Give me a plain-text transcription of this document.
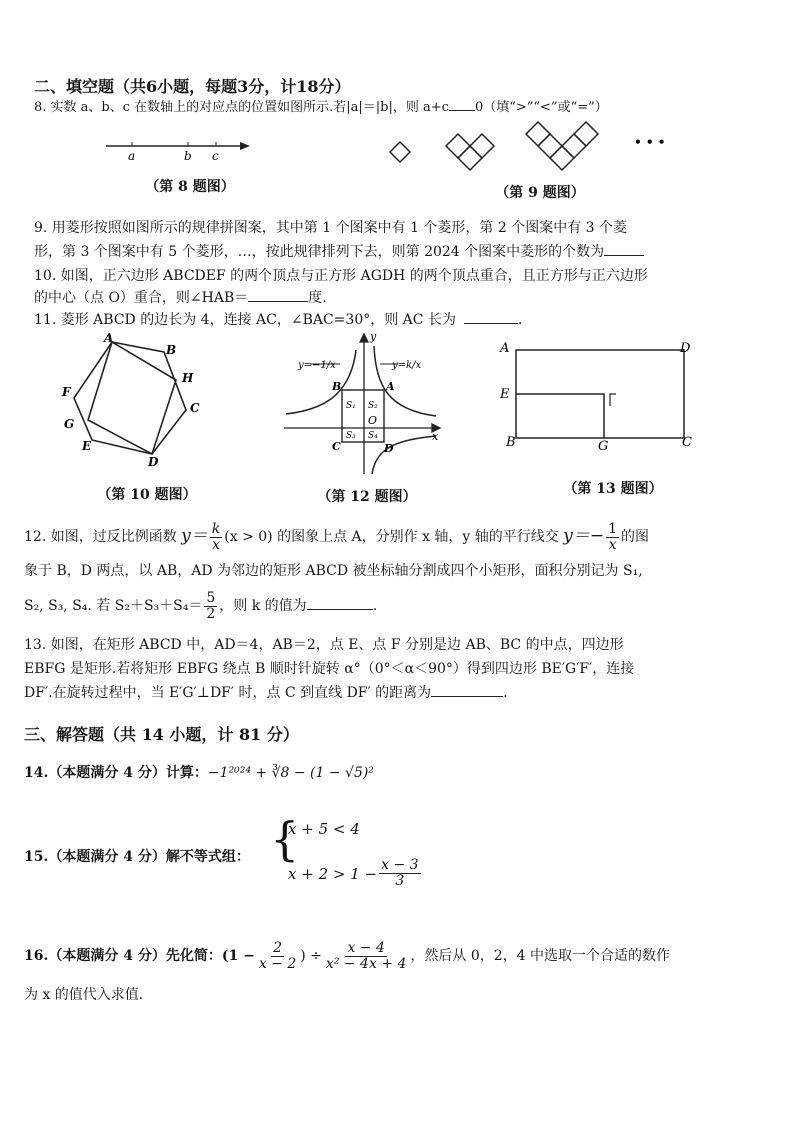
二、填空题（共6小题，每题3分，计18分）
8. 实数 a、b、c 在数轴上的对应点的位置如图所示.若|a|＝|b|，则 a+c 0（填“>”“<”或“=”）
a	b c
（第 8 题图）
• • •
（第 9 题图）
9. 用菱形按照如图所示的规律拼图案，其中第 1 个图案中有 1 个菱形，第 2 个图案中有 3 个菱
形，第 3 个图案中有 5 个菱形，…，按此规律排列下去，则第 2024 个图案中菱形的个数为
10. 如图，正六边形 ABCDEF 的两个顶点与正方形 AGDH 的两个顶点重合，且正方形与正六边形
的中心（点 O）重合，则∠HAB＝	度.
11. 菱形 ABCD 的边长为 4，连接 AC，∠BAC=30°，则 AC 长为	.
A
B
H
C
D
E
F
G
（第 10 题图）
y=−1/x	y=k/x
x
y
B	A
C	D
O
S₁ S₂
S₃ S₄
（第 12 题图）
A	D
E
B	G	C
（第 13 题图）
12. 如图，过反比例函数 $y= \frac{k}{x} (x > 0)$ 的图象上点 A，分别作 x 轴，y 轴的平行线交 $y=- \frac{1}{x}$ 的图
象于 B，D 两点，以 AB，AD 为邻边的矩形 ABCD 被坐标轴分割成四个小矩形，面积分别记为 S₁,
S₂, S₃, S₄. 若 $S_2+S_3+S_4= \frac{5}{2}$ ，则 k 的值为	.
13. 如图，在矩形 ABCD 中，AD＝4，AB＝2，点 E、点 F 分别是边 AB、BC 的中点，四边形
EBFG 是矩形.若将矩形 EBFG 绕点 B 顺时针旋转 α°（0°＜α＜90°）得到四边形 BE′G′F′，连接
DF′.在旋转过程中，当 E′G′⊥DF′ 时，点 C 到直线 DF′ 的距离为	.
三、解答题（共 14 小题，计 81 分）
14.（本题满分 4 分）计算：−1²⁰²⁴ + ∛8 − (1 − √5)²
15.（本题满分 4 分）解不等式组： {
x + 5 < 4
$x + 2 > 1 - \frac{x - 3}{3}$
16.（本题满分 4 分）先化简：($1 - \frac{2}{x - 2}$ ) ÷ $\frac{x - 4}{\text{x² − 4x + 4}}$ ，然后从 0，2，4 中选取一个合适的数作
为 x 的值代入求值.
